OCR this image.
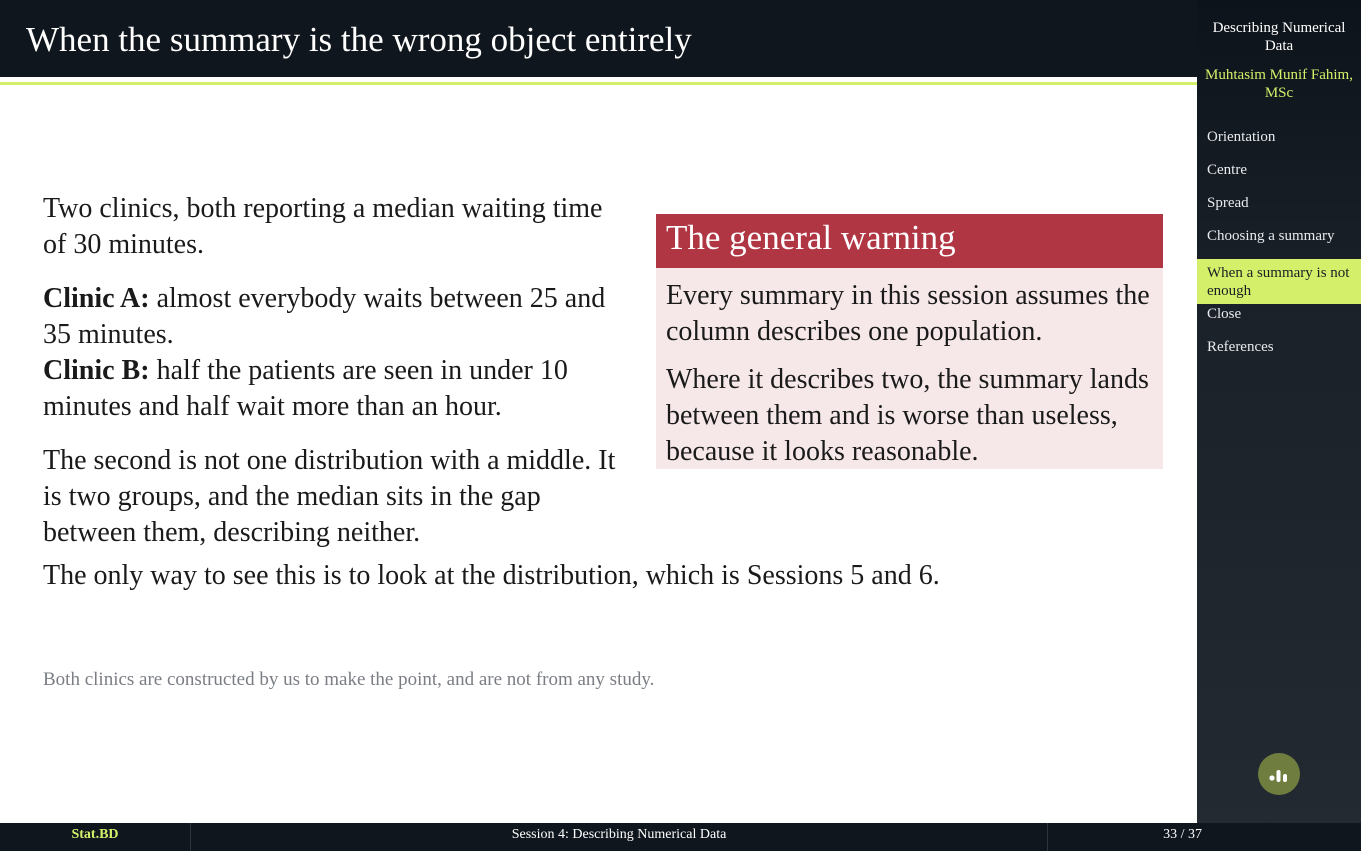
When the summary is the wrong object entirely

Two clinics, both reporting a median waiting time of 30 minutes.

Clinic A: almost everybody waits between 25 and 35 minutes.
Clinic B: half the patients are seen in under 10 minutes and half wait more than an hour.

The second is not one distribution with a middle. It is two groups, and the median sits in the gap between them, describing neither.

The only way to see this is to look at the distribution, which is Sessions 5 and 6.
Both clinics are constructed by us to make the point, and are not from any study.
The general warning

Every summary in this session assumes the column describes one population.

Where it describes two, the summary lands between them and is worse than useless, because it looks reasonable.

Describing Numerical Data
Muhtasim Munif Fahim, MSc
Orientation
Centre
Spread
Choosing a summary
When a summary is not enough
Close
References
Stat.BD	Session 4: Describing Numerical Data	33 / 37
